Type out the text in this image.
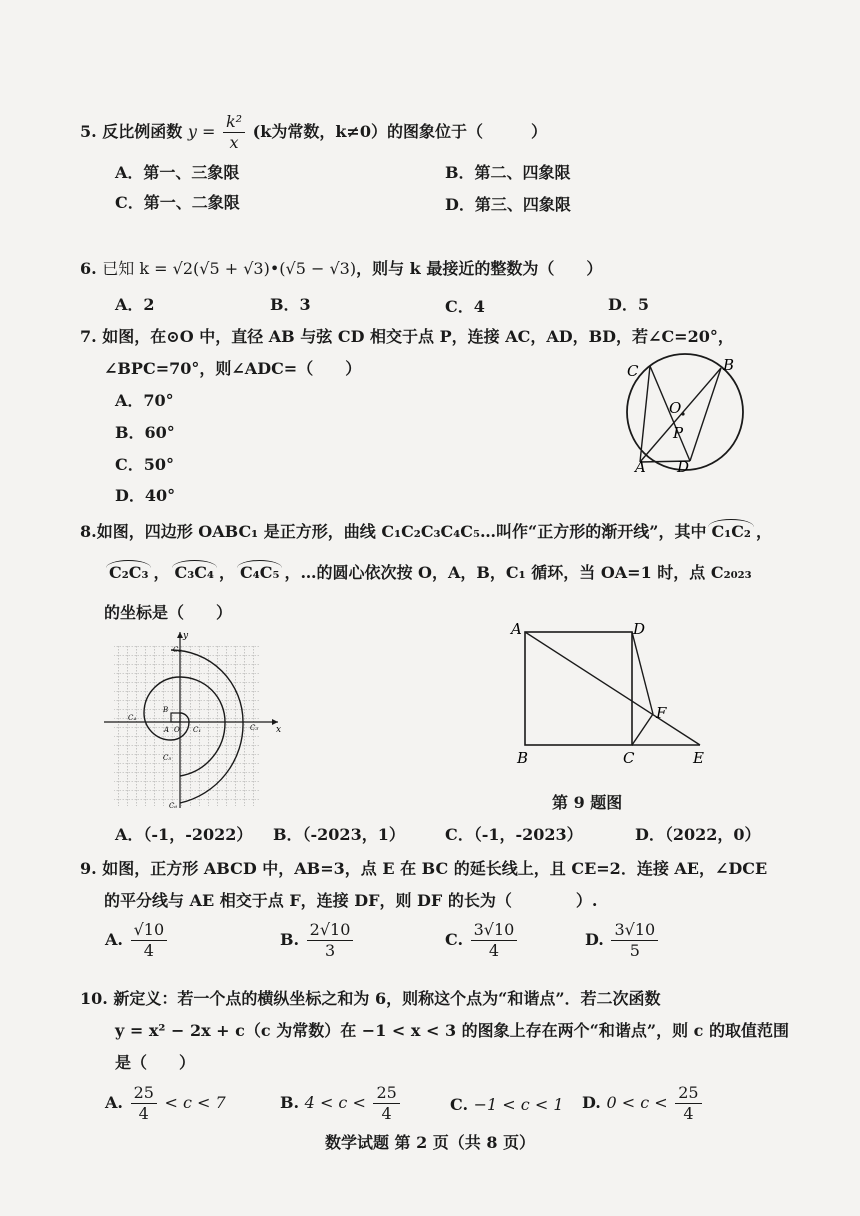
5. 反比例函数 $y = \frac{\text{k²}}{x} (k$为常数，k≠0）的图象位于（　　　）
A．第一、三象限	B．第二、四象限
C．第一、二象限	D．第三、四象限
6. 已知 k = √2(√5 + √3)•(√5 − √3)，则与 k 最接近的整数为（　　）
A．2	B．3	C．4	D．5
7. 如图，在⊙O 中，直径 AB 与弦 CD 相交于点 P，连接 AC，AD，BD，若∠C=20°，
∠BPC=70°，则∠ADC=（　　）
A．70°
B．60°
C．50°
D．40°
C	B
O
P
A D
8.如图，四边形 OABC₁ 是正方形，曲线 C₁C₂C₃C₄C₅…叫作“正方形的渐开线”，其中 C₁C₂ ，
C₂C₃ ， C₃C₄ ， C₄C₅ ，…的圆心依次按 O，A，B，C₁ 循环，当 OA=1 时，点 C₂₀₂₃
的坐标是（　　）
y
x
C₂
C₃
C₄
C₁
B
A O
C₅
C₆
A	D
F
B	C	E
第 9 题图
A．（-1，-2022） B．（-2023，1）	C．（-1，-2023）	D．（2022，0）
9. 如图，正方形 ABCD 中，AB=3，点 E 在 BC 的延长线上，且 CE=2．连接 AE，∠DCE
的平分线与 AE 相交于点 F，连接 DF，则 DF 的长为（　　　　）.
A. $\frac{√10}{4}$	B. $\frac{2√10}{3}$	C. $\frac{3√10}{4}$	D. $\frac{3√10}{5}$
10. 新定义：若一个点的横纵坐标之和为 6，则称这个点为“和谐点”．若二次函数
y = x² − 2x + c（c 为常数）在 −1 < x < 3 的图象上存在两个“和谐点”，则 c 的取值范围
是（　　）
A. $\frac{25}{4} < c < 7$	B. $4 < c < \frac{25}{4}$	C. −1 < c < 1 D. $0 < c < \frac{25}{4}$
数学试题 第 2 页（共 8 页）
